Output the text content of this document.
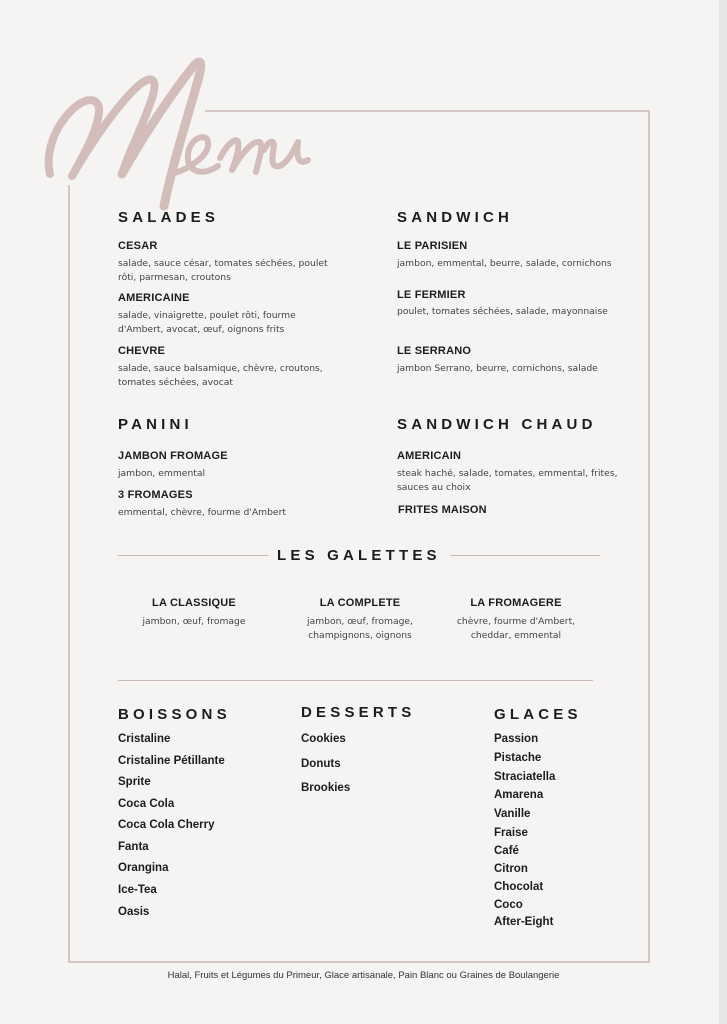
SALADES
CESAR
salade, sauce césar, tomates séchées, poulet
rôti, parmesan, croutons
AMERICAINE
salade, vinaigrette, poulet rôti, fourme
d'Ambert, avocat, œuf, oignons frits
CHEVRE
salade, sauce balsamique, chèvre, croutons,
tomates séchées, avocat
SANDWICH
LE PARISIEN
jambon, emmental, beurre, salade, cornichons
LE FERMIER
poulet, tomates séchées, salade, mayonnaise
LE SERRANO
jambon Serrano, beurre, cornichons, salade
PANINI
JAMBON FROMAGE
jambon, emmental
3 FROMAGES
emmental, chèvre, fourme d'Ambert
SANDWICH CHAUD
AMERICAIN
steak haché, salade, tomates, emmental, frites,
sauces au choix
FRITES MAISON
LES GALETTES
LA CLASSIQUE
jambon, œuf, fromage
LA COMPLETE
jambon, œuf, fromage,
champignons, oignons
LA FROMAGERE
chèvre, fourme d'Ambert,
cheddar, emmental
BOISSONS
Cristaline
Cristaline Pétillante
Sprite
Coca Cola
Coca Cola Cherry
Fanta
Orangina
Ice-Tea
Oasis
DESSERTS
Cookies
Donuts
Brookies
GLACES
Passion
Pistache
Straciatella
Amarena
Vanille
Fraise
Café
Citron
Chocolat
Coco
After-Eight
Halal, Fruits et Légumes du Primeur, Glace artisanale, Pain Blanc ou Graines de Boulangerie
